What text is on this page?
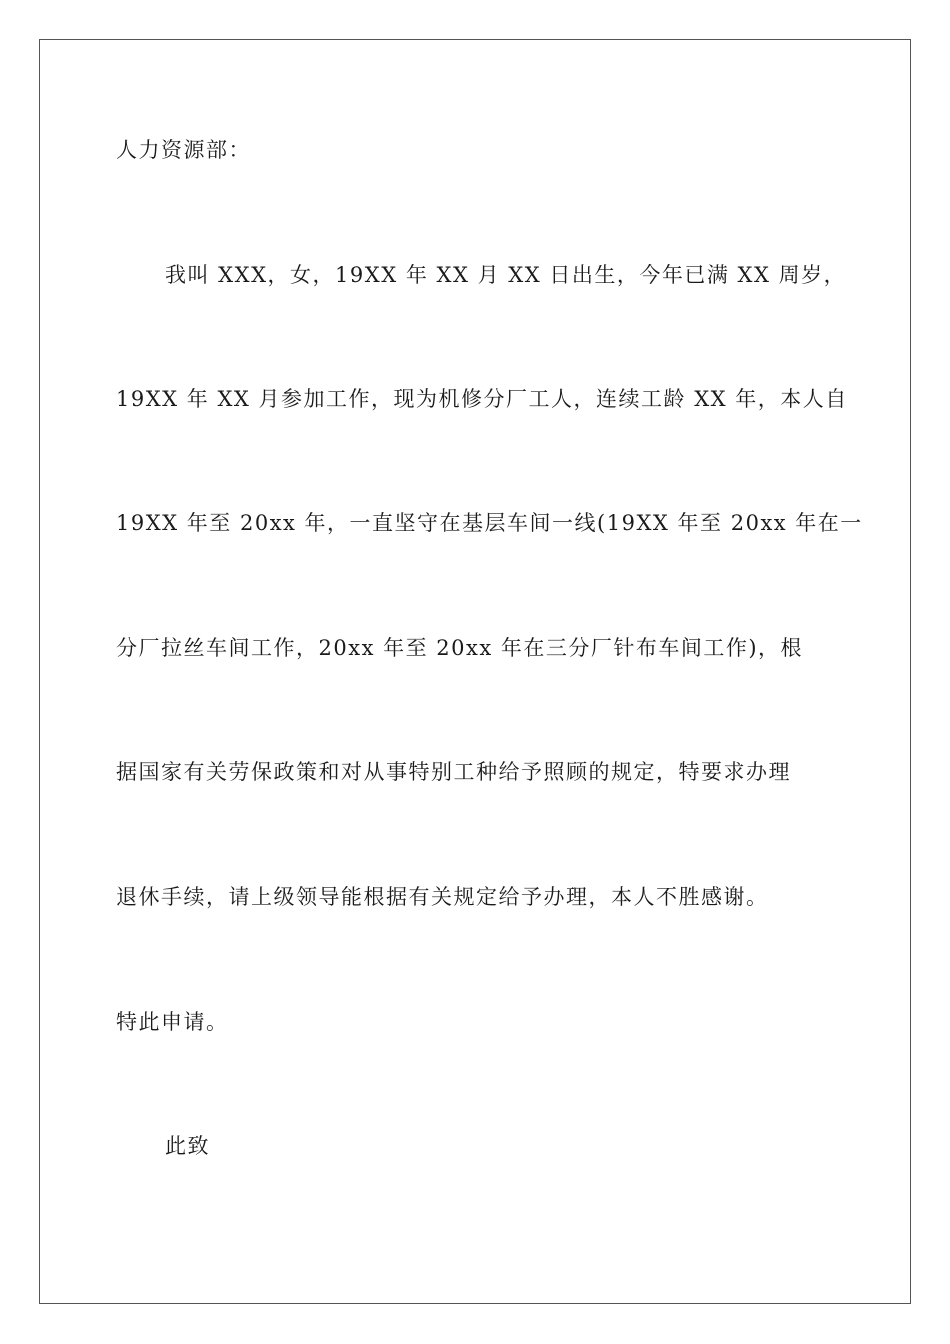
人力资源部：
我叫 XXX，女，19XX 年 XX 月 XX 日出生，今年已满 XX 周岁，
19XX 年 XX 月参加工作，现为机修分厂工人，连续工龄 XX 年，本人自
19XX 年至 20xx 年，一直坚守在基层车间一线(19XX 年至 20xx 年在一
分厂拉丝车间工作，20xx 年至 20xx 年在三分厂针布车间工作)，根
据国家有关劳保政策和对从事特别工种给予照顾的规定，特要求办理
退休手续，请上级领导能根据有关规定给予办理，本人不胜感谢。
特此申请。
此致
